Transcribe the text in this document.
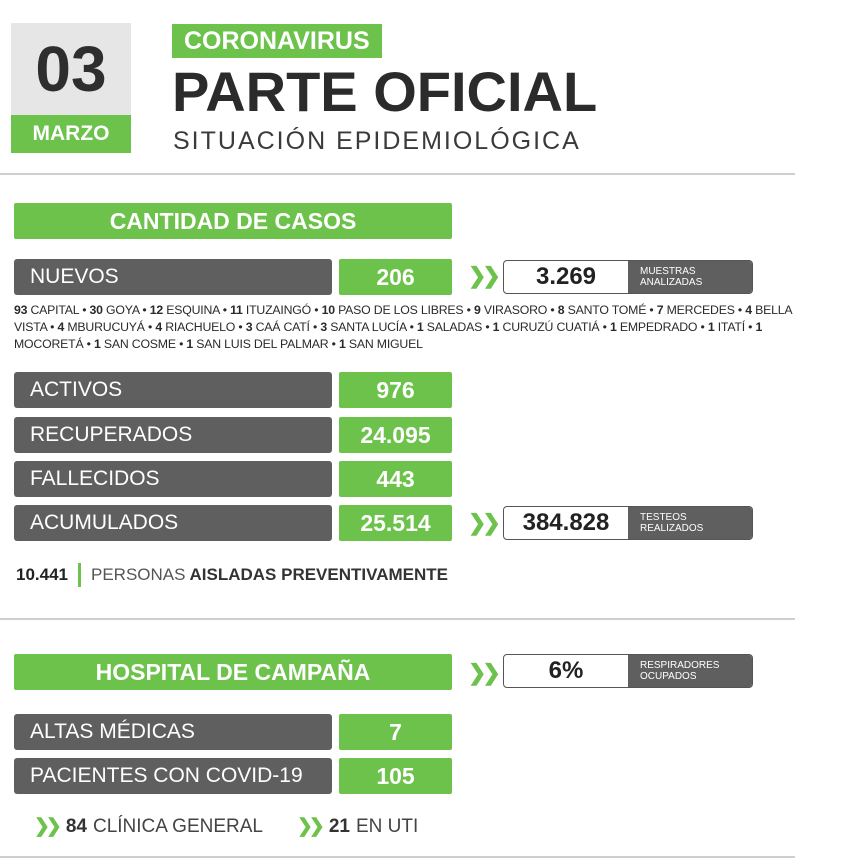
03
MARZO
CORONAVIRUS
PARTE OFICIAL
SITUACIÓN EPIDEMIOLÓGICA
CANTIDAD DE CASOS
NUEVOS	206	❯❯	3.269	MUESTRAS
ANALIZADAS
93 CAPITAL • 30 GOYA • 12 ESQUINA • 11 ITUZAINGÓ • 10 PASO DE LOS LIBRES • 9 VIRASORO • 8 SANTO TOMÉ • 7 MERCEDES • 4 BELLA VISTA • 4 MBURUCUYÁ • 4 RIACHUELO • 3 CAÁ CATÍ • 3 SANTA LUCÍA • 1 SALADAS • 1 CURUZÚ CUATIÁ • 1 EMPEDRADO • 1 ITATÍ • 1 MOCORETÁ • 1 SAN COSME • 1 SAN LUIS DEL PALMAR • 1 SAN MIGUEL
ACTIVOS	976
RECUPERADOS	24.095
FALLECIDOS	443
ACUMULADOS	25.514	❯❯	384.828	TESTEOS
REALIZADOS
10.441 PERSONAS AISLADAS PREVENTIVAMENTE
HOSPITAL DE CAMPAÑA	❯❯	6%	RESPIRADORES
OCUPADOS
ALTAS MÉDICAS	7
PACIENTES CON COVID-19	105
❯❯ 84 CLÍNICA GENERAL ❯❯ 21 EN UTI
